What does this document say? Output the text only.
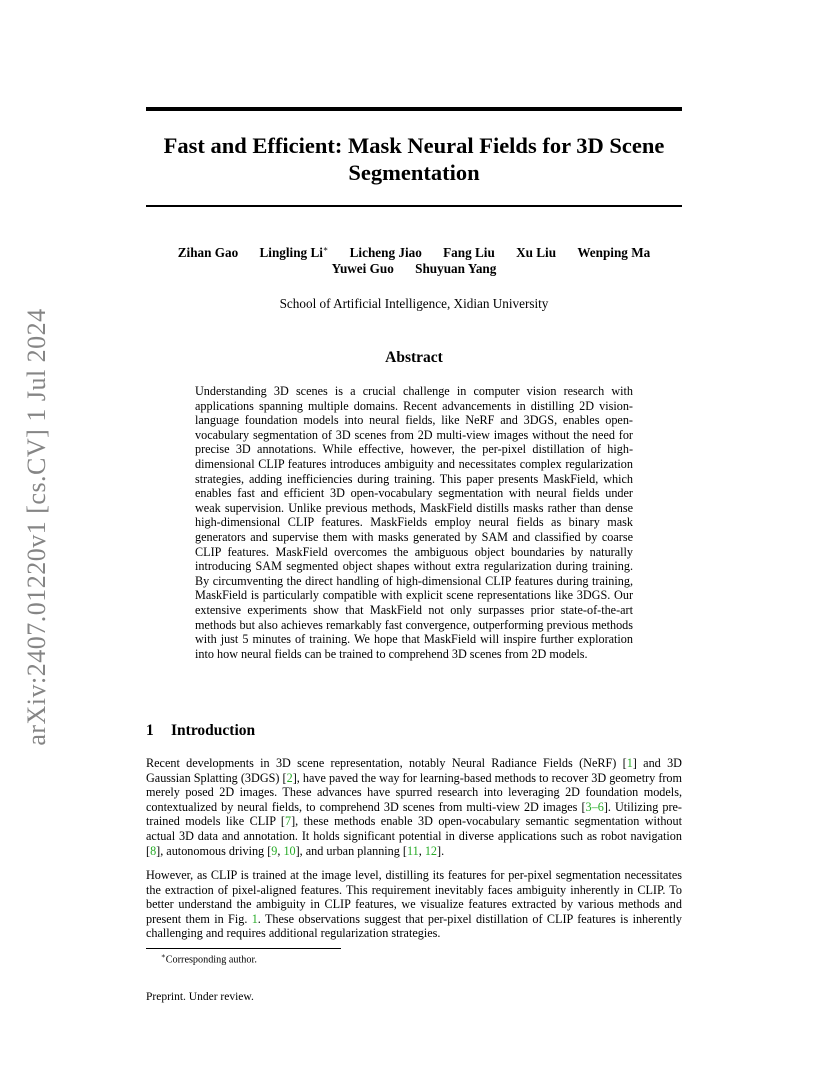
arXiv:2407.01220v1 [cs.CV] 1 Jul 2024
Fast and Efficient: Mask Neural Fields for 3D Scene
Segmentation
Zihan Gao Lingling Li∗ Licheng Jiao Fang Liu Xu Liu Wenping Ma
Yuwei Guo Shuyuan Yang
School of Artificial Intelligence, Xidian University
Abstract
Understanding 3D scenes is a crucial challenge in computer vision research with applications spanning multiple domains. Recent advancements in distilling 2D vision-language foundation models into neural fields, like NeRF and 3DGS, enables open-vocabulary segmentation of 3D scenes from 2D multi-view images without the need for precise 3D annotations. While effective, however, the per-pixel distillation of high-dimensional CLIP features introduces ambiguity and necessitates complex regularization strategies, adding inefficiencies during training. This paper presents MaskField, which enables fast and efficient 3D open-vocabulary segmentation with neural fields under weak supervision. Unlike previous methods, MaskField distills masks rather than dense high-dimensional CLIP features. MaskFields employ neural fields as binary mask generators and supervise them with masks generated by SAM and classified by coarse CLIP features. MaskField overcomes the ambiguous object boundaries by naturally introducing SAM segmented object shapes without extra regularization during training. By circumventing the direct handling of high-dimensional CLIP features during training, MaskField is particularly compatible with explicit scene representations like 3DGS. Our extensive experiments show that MaskField not only surpasses prior state-of-the-art methods but also achieves remarkably fast convergence, outperforming previous methods with just 5 minutes of training. We hope that MaskField will inspire further exploration into how neural fields can be trained to comprehend 3D scenes from 2D models.
1 Introduction
Recent developments in 3D scene representation, notably Neural Radiance Fields (NeRF) [1] and 3D Gaussian Splatting (3DGS) [2], have paved the way for learning-based methods to recover 3D geometry from merely posed 2D images. These advances have spurred research into leveraging 2D foundation models, contextualized by neural fields, to comprehend 3D scenes from multi-view 2D images [3–6]. Utilizing pre-trained models like CLIP [7], these methods enable 3D open-vocabulary semantic segmentation without actual 3D data and annotation. It holds significant potential in diverse applications such as robot navigation [8], autonomous driving [9, 10], and urban planning [11, 12].
However, as CLIP is trained at the image level, distilling its features for per-pixel segmentation necessitates the extraction of pixel-aligned features. This requirement inevitably faces ambiguity inherently in CLIP. To better understand the ambiguity in CLIP features, we visualize features extracted by various methods and present them in Fig. 1. These observations suggest that per-pixel distillation of CLIP features is inherently challenging and requires additional regularization strategies.
∗Corresponding author.
Preprint. Under review.
